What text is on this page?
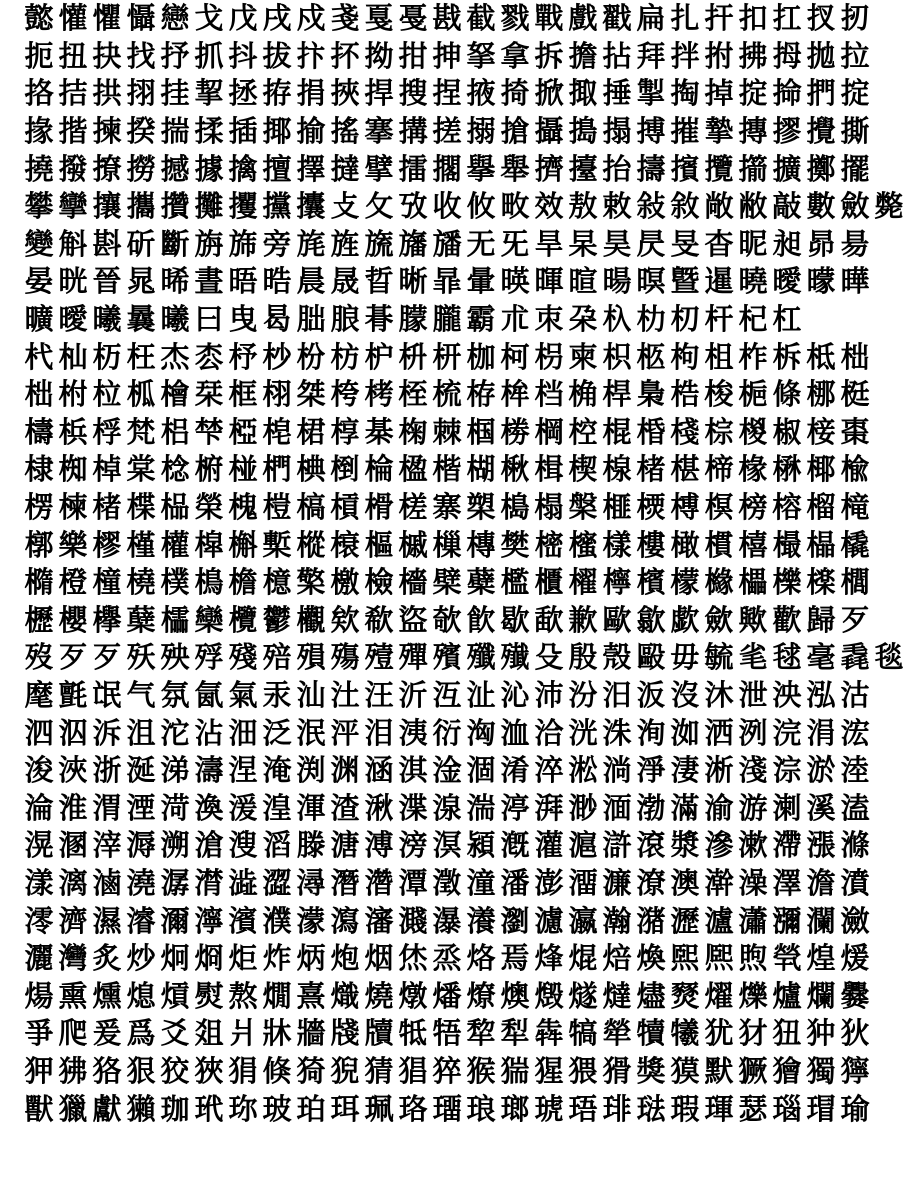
懿 懽 懼 懾 戀 戈 戊 戌 戍 戔 戛 戞 戡 截 戮 戰 戲 戳 扁 扎 扞 扣 扛 扠 扨
扼 扭 抉 找 抒 抓 抖 拔 抃 抔 拗 拑 抻 拏 拿 拆 擔 拈 拜 拌 拊 拂 拇 拋 拉
挌 拮 拱 挧 挂 挈 拯 拵 捐 挾 捍 搜 捏 掖 掎 掀 掫 捶 掣 掏 掉 掟 掵 捫 掟
掾 揩 揀 揆 揣 揉 插 揶 揄 搖 搴 搆 搓 搦 搶 攝 搗 搨 搏 摧 摯 摶 摎 攪 撕
撓 撥 撩 撈 撼 據 擒 擅 擇 撻 擘 擂 擱 擧 舉 擠 擡 抬 擣 擯 攬 擶 擴 擲 擺
攀 攣 攘 攜 攢 攤 攫 攩 攮 攴 攵 攷 收 攸 畋 效 敖 敕 敍 敘 敞 敝 敲 數 斂 斃
變 斛 斟 斫 斷 旃 旆 旁 旄 旌 旒 旛 旙 无 旡 旱 杲 昊 昃 旻 杳 昵 昶 昴 昜
晏 晄 晉 晁 晞 晝 晤 晧 晨 晟 晢 晰 暃 暈 暎 暉 暄 暘 暝 曁 暹 曉 曖 曚 曄
曠 曖 曦 曩 曦 曰 曳 曷 朏 朖 朞 朦 朧 霸 朮 朿 朶 杁 朸 朷 杆 杞 杠
杙 杣 杤 枉 杰 枩 杼 杪 枌 枋 枦 枡 枅 枷 柯 枴 柬 枳 柩 枸 柤 柞 柝 柢 柮
柮 柎 柆 柧 檜 栞 框 栩 桀 桍 栲 桎 梳 栫 桙 档 桷 桿 梟 梏 梭 梔 條 梛 梃
檮 梹 桴 梵 梠 梺 椏 梍 桾 椁 棊 椈 棘 椢 椦 棡 椌 棍 棔 棧 棕 椶 椒 椄 棗
棣 椥 棹 棠 棯 椨 椪 椚 椣 椡 棆 楹 楷 楜 楸 楫 楔 楾 楮 椹 楴 椽 楙 椰 楡
楞 楝 楮 楪 榀 榮 槐 榿 槁 槓 榾 槎 寨 槊 槝 榻 槃 榧 樮 榑 榠 榜 榕 榴 槞
槨 樂 樛 槿 權 槹 槲 槧 樅 榱 樞 槭 樔 槫 樊 樒 櫁 樣 樓 橄 樌 橲 樶 橸 橇
橢 橙 橦 橈 樸 樢 檐 檍 檠 檄 檢 檣 檗 蘗 檻 櫃 櫂 檸 檳 檬 櫞 櫑 櫟 檪 櫚
櫪 櫻 欅 蘖 櫺 欒 欖 鬱 欟 欸 欷 盜 欹 飮 歇 歃 歉 歐 歙 歔 歛 歟 歡 歸 歹
歿 歹 歹 殀 殃 殍 殘 殕 殞 殤 殪 殫 殯 殲 殱 殳 殷 殼 毆 毋 毓 毟 毬 毫 毳 毯
麾 氈 氓 气 氛 氤 氣 汞 汕 汢 汪 沂 沍 沚 沁 沛 汾 汨 汳 沒 沐 泄 泱 泓 沽
泗 泅 泝 沮 沱 沾 沺 泛 泯 泙 泪 洟 衍 洶 洫 洽 洸 洙 洵 洳 洒 洌 浣 涓 浤
浚 浹 浙 涎 涕 濤 涅 淹 渕 渊 涵 淇 淦 涸 淆 淬 淞 淌 淨 淒 淅 淺 淙 淤 淕
淪 淮 渭 湮 渮 渙 湲 湟 渾 渣 湫 渫 湶 湍 渟 湃 渺 湎 渤 滿 渝 游 溂 溪 溘
滉 溷 滓 溽 溯 滄 溲 滔 滕 溏 溥 滂 溟 潁 漑 灌 滬 滸 滾 漿 滲 漱 滯 漲 滌
漾 漓 滷 澆 潺 潸 澁 澀 潯 潛 濳 潭 澂 潼 潘 澎 澑 濂 潦 澳 澣 澡 澤 澹 濆
澪 濟 濕 濬 濔 濘 濱 濮 濛 瀉 瀋 濺 瀑 瀁 瀏 濾 瀛 瀚 潴 瀝 瀘 瀟 瀰 瀾 瀲
灑 灣 炙 炒 炯 烱 炬 炸 炳 炮 烟 烋 烝 烙 焉 烽 焜 焙 煥 煕 熈 煦 煢 煌 煖
煬 熏 燻 熄 熕 熨 熬 燗 熹 熾 燒 燉 燔 燎 燠 燬 燧 燵 燼 燹 燿 爍 爐 爛 爨
爭 爬 爰 爲 爻 爼 爿 牀 牆 牋 牘 牴 牾 犂 犁 犇 犒 犖 犢 犧 犹 犲 狃 狆 狄
狎 狒 狢 狠 狡 狹 狷 倏 猗 猊 猜 猖 猝 猴 猯 猩 猥 猾 獎 獏 默 獗 獪 獨 獰
獸 獵 獻 獺 珈 玳 珎 玻 珀 珥 珮 珞 璢 琅 瑯 琥 珸 琲 琺 瑕 琿 瑟 瑙 瑁 瑜
